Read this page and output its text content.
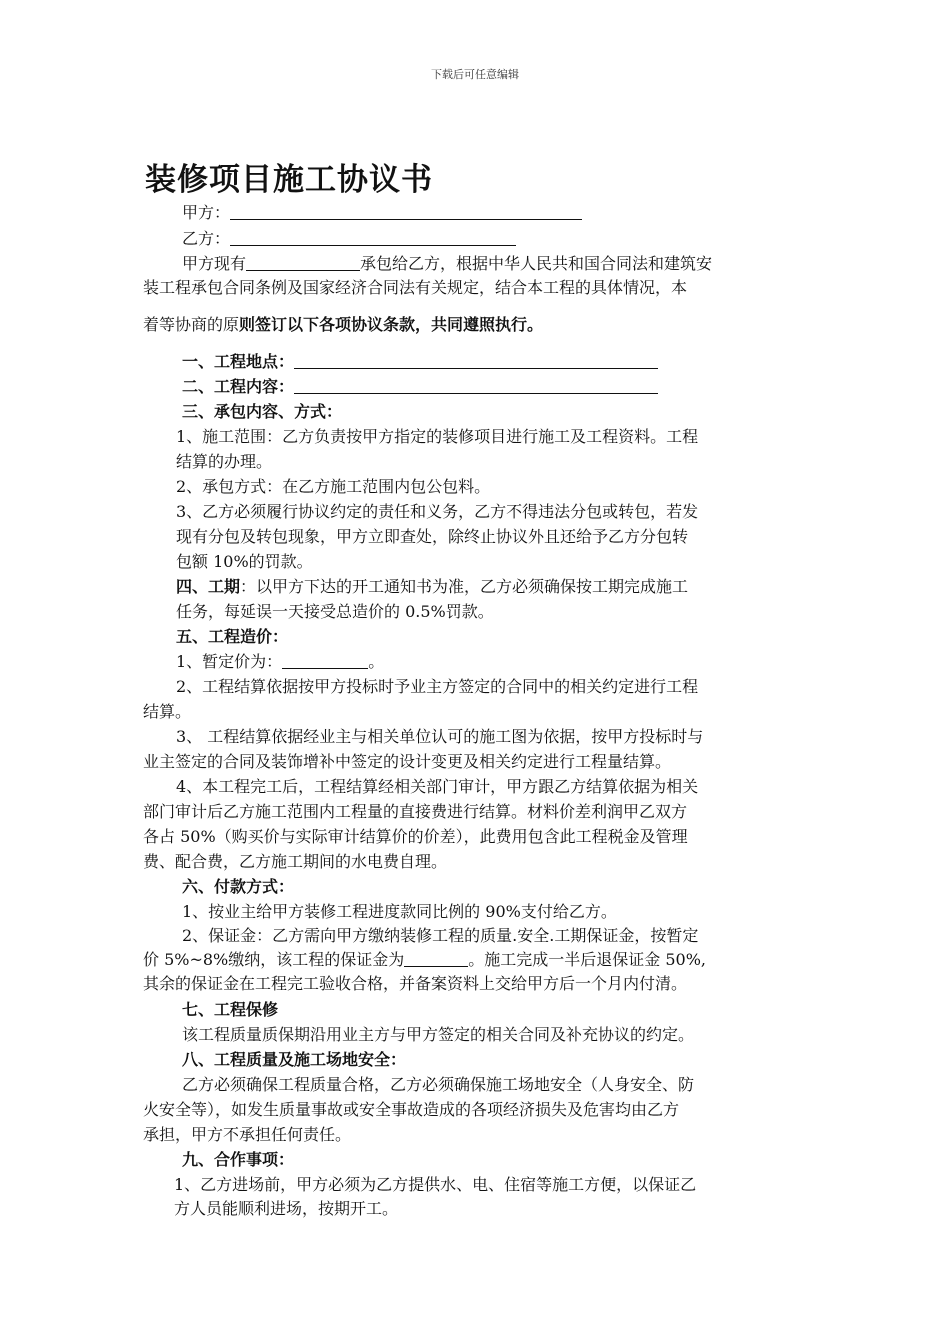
下载后可任意编辑
装修项目施工协议书
甲方：
乙方：
甲方现有	承包给乙方，根据中华人民共和国合同法和建筑安
装工程承包合同条例及国家经济合同法有关规定，结合本工程的具体情况，本
着等协商的原则签订以下各项协议条款，共同遵照执行。
一、工程地点：
二、工程内容：
三、承包内容、方式：
1、施工范围：乙方负责按甲方指定的装修项目进行施工及工程资料。工程
结算的办理。
2、承包方式：在乙方施工范围内包公包料。
3、乙方必须履行协议约定的责任和义务，乙方不得违法分包或转包，若发
现有分包及转包现象，甲方立即查处，除终止协议外且还给予乙方分包转
包额 10%的罚款。
四、工期：以甲方下达的开工通知书为准，乙方必须确保按工期完成施工
任务，每延误一天接受总造价的 0.5%罚款。
五、工程造价：
1、暂定价为：	。
2、工程结算依据按甲方投标时予业主方签定的合同中的相关约定进行工程
结算。
3、 工程结算依据经业主与相关单位认可的施工图为依据，按甲方投标时与
业主签定的合同及装饰增补中签定的设计变更及相关约定进行工程量结算。
4、本工程完工后，工程结算经相关部门审计，甲方跟乙方结算依据为相关
部门审计后乙方施工范围内工程量的直接费进行结算。材料价差利润甲乙双方
各占 50%（购买价与实际审计结算价的价差），此费用包含此工程税金及管理
费、配合费，乙方施工期间的水电费自理。
六、付款方式：
1、按业主给甲方装修工程进度款同比例的 90%支付给乙方。
2、保证金：乙方需向甲方缴纳装修工程的质量.安全.工期保证金，按暂定
价 5%~8%缴纳，该工程的保证金为	。施工完成一半后退保证金 50%,
其余的保证金在工程完工验收合格，并备案资料上交给甲方后一个月内付清。
七、工程保修
该工程质量质保期沿用业主方与甲方签定的相关合同及补充协议的约定。
八、工程质量及施工场地安全：
乙方必须确保工程质量合格，乙方必须确保施工场地安全（人身安全、防
火安全等），如发生质量事故或安全事故造成的各项经济损失及危害均由乙方
承担，甲方不承担任何责任。
九、合作事项：
1、乙方进场前，甲方必须为乙方提供水、电、住宿等施工方便，以保证乙
方人员能顺利进场，按期开工。
